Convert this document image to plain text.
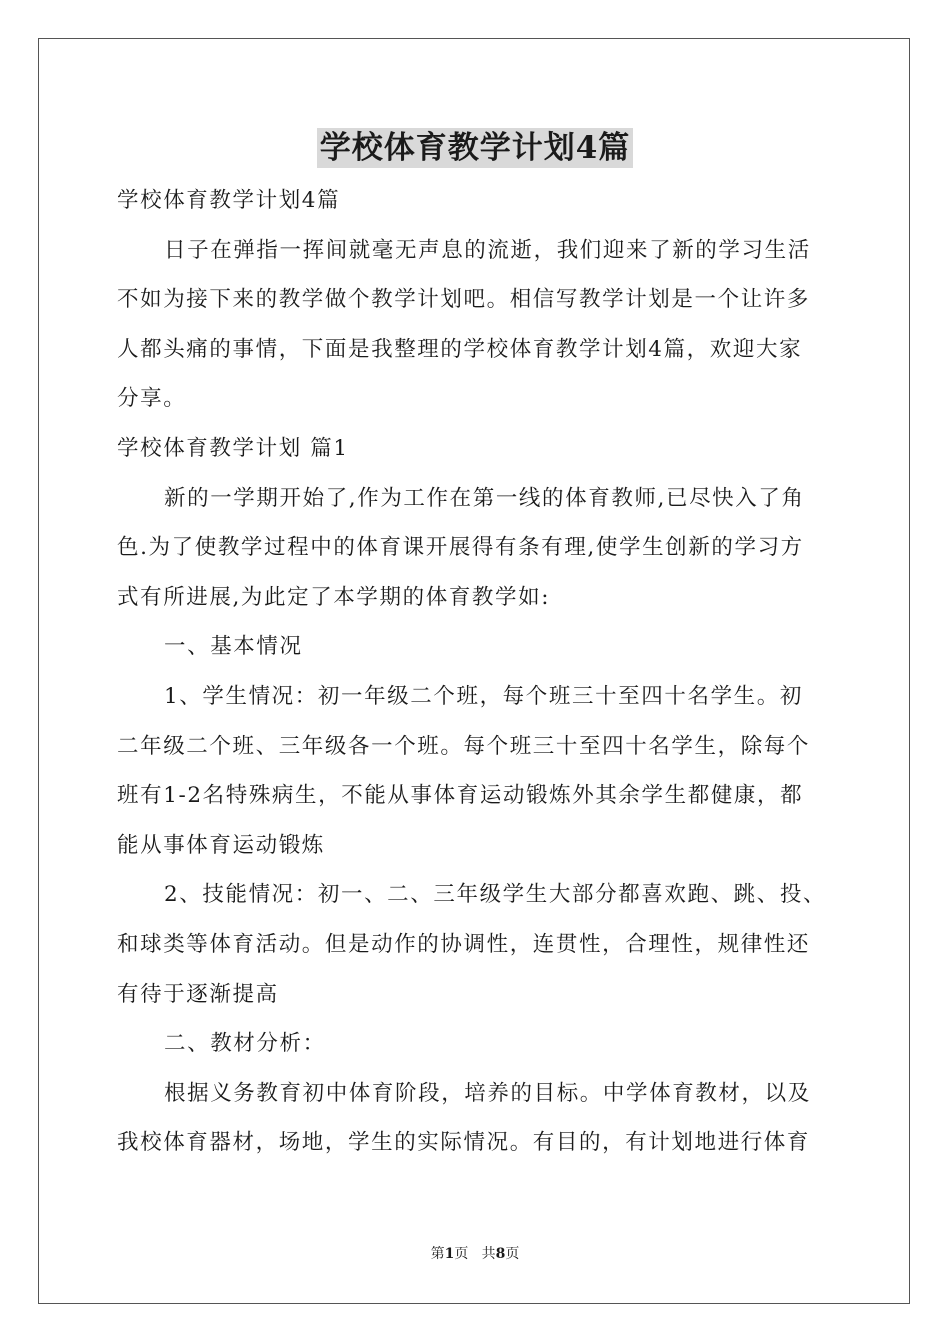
学校体育教学计划4篇
学校体育教学计划4篇
日子在弹指一挥间就毫无声息的流逝，我们迎来了新的学习生活
不如为接下来的教学做个教学计划吧。相信写教学计划是一个让许多
人都头痛的事情，下面是我整理的学校体育教学计划4篇，欢迎大家
分享。
学校体育教学计划 篇1
新的一学期开始了,作为工作在第一线的体育教师,已尽快入了角
色.为了使教学过程中的体育课开展得有条有理,使学生创新的学习方
式有所进展,为此定了本学期的体育教学如:
一、基本情况
1、学生情况：初一年级二个班，每个班三十至四十名学生。初
二年级二个班、三年级各一个班。每个班三十至四十名学生，除每个
班有1-2名特殊病生，不能从事体育运动锻炼外其余学生都健康，都
能从事体育运动锻炼
2、技能情况：初一、二、三年级学生大部分都喜欢跑、跳、投、
和球类等体育活动。但是动作的协调性，连贯性，合理性，规律性还
有待于逐渐提高
二、教材分析：
根据义务教育初中体育阶段，培养的目标。中学体育教材，以及
我校体育器材，场地，学生的实际情况。有目的，有计划地进行体育
第1页 共8页
